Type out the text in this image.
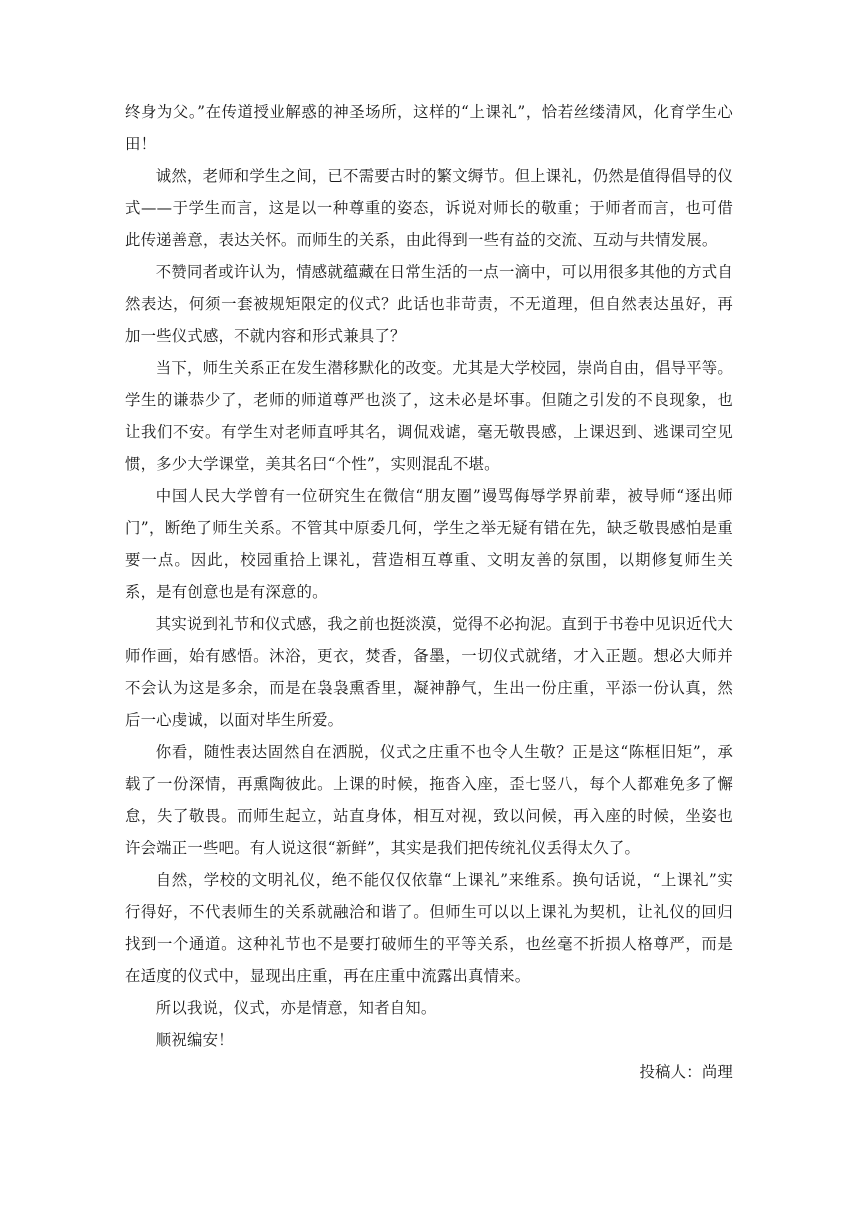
终身为父。”在传道授业解惑的神圣场所，这样的“上课礼”，恰若丝缕清风，化育学生心田！

诚然，老师和学生之间，已不需要古时的繁文缛节。但上课礼，仍然是值得倡导的仪式——于学生而言，这是以一种尊重的姿态，诉说对师长的敬重；于师者而言，也可借此传递善意，表达关怀。而师生的关系，由此得到一些有益的交流、互动与共情发展。

不赞同者或许认为，情感就蕴藏在日常生活的一点一滴中，可以用很多其他的方式自然表达，何须一套被规矩限定的仪式？此话也非苛责，不无道理，但自然表达虽好，再加一些仪式感，不就内容和形式兼具了？

当下，师生关系正在发生潜移默化的改变。尤其是大学校园，崇尚自由，倡导平等。学生的谦恭少了，老师的师道尊严也淡了，这未必是坏事。但随之引发的不良现象，也让我们不安。有学生对老师直呼其名，调侃戏谑，毫无敬畏感，上课迟到、逃课司空见惯，多少大学课堂，美其名曰“个性”，实则混乱不堪。

中国人民大学曾有一位研究生在微信“朋友圈”谩骂侮辱学界前辈，被导师“逐出师门”，断绝了师生关系。不管其中原委几何，学生之举无疑有错在先，缺乏敬畏感怕是重要一点。因此，校园重拾上课礼，营造相互尊重、文明友善的氛围，以期修复师生关系，是有创意也是有深意的。

其实说到礼节和仪式感，我之前也挺淡漠，觉得不必拘泥。直到于书卷中见识近代大师作画，始有感悟。沐浴，更衣，焚香，备墨，一切仪式就绪，才入正题。想必大师并不会认为这是多余，而是在袅袅熏香里，凝神静气，生出一份庄重，平添一份认真，然后一心虔诚，以面对毕生所爱。

你看，随性表达固然自在洒脱，仪式之庄重不也令人生敬？正是这“陈框旧矩”，承载了一份深情，再熏陶彼此。上课的时候，拖沓入座，歪七竖八，每个人都难免多了懈怠，失了敬畏。而师生起立，站直身体，相互对视，致以问候，再入座的时候，坐姿也许会端正一些吧。有人说这很“新鲜”，其实是我们把传统礼仪丢得太久了。

自然，学校的文明礼仪，绝不能仅仅依靠“上课礼”来维系。换句话说，“上课礼”实行得好，不代表师生的关系就融洽和谐了。但师生可以以上课礼为契机，让礼仪的回归找到一个通道。这种礼节也不是要打破师生的平等关系，也丝毫不折损人格尊严，而是在适度的仪式中，显现出庄重，再在庄重中流露出真情来。

所以我说，仪式，亦是情意，知者自知。

顺祝编安！

投稿人：尚理
